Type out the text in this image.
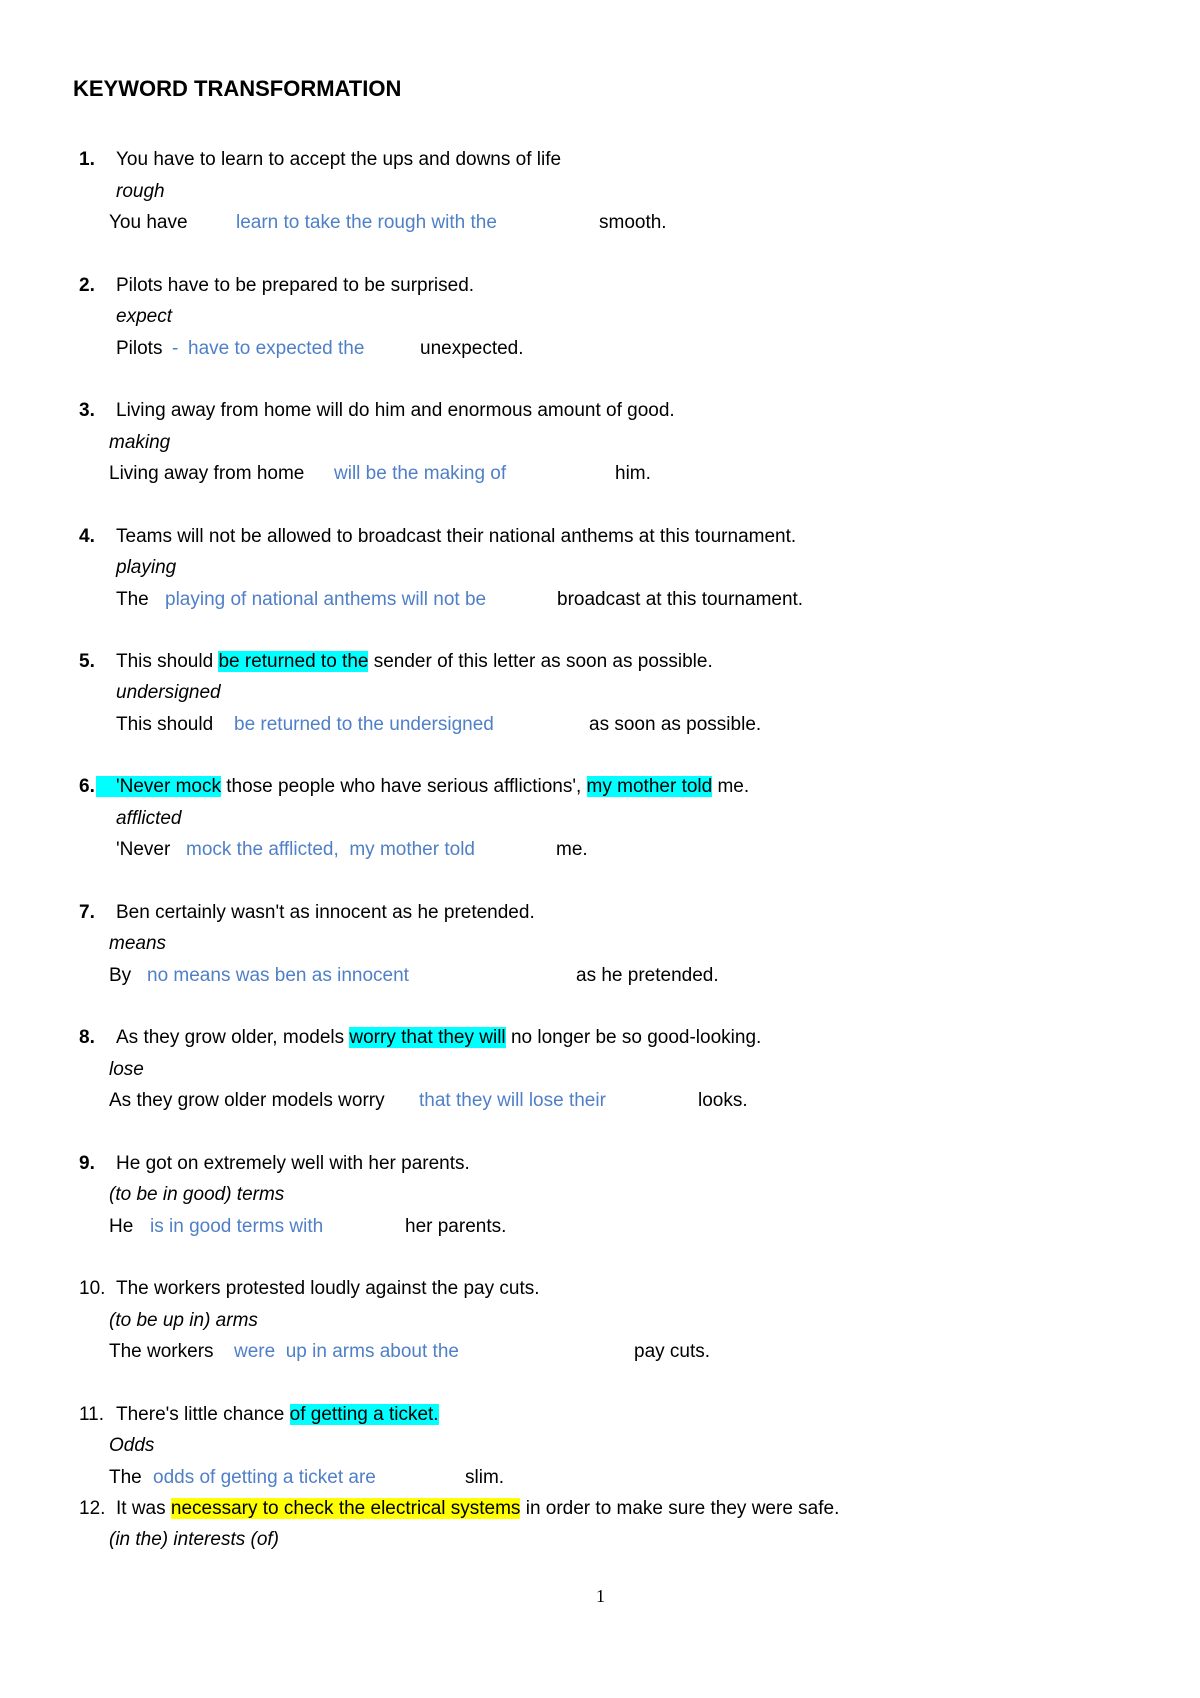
KEYWORD TRANSFORMATION
1. You have to learn to accept the ups and downs of life
rough
You have	learn to take the rough with the	smooth.
2. Pilots have to be prepared to be surprised.
expect
Pilots - have to expected the	unexpected.
3. Living away from home will do him and enormous amount of good.
making
Living away from home will be the making of	him.
4. Teams will not be allowed to broadcast their national anthems at this tournament.
playing
The playing of national anthems will not be	broadcast at this tournament.
5. This should be returned to the sender of this letter as soon as possible.
undersigned
This should be returned to the undersigned	as soon as possible.
6.	'Never mock those people who have serious afflictions', my mother told me.
afflicted
'Never mock the afflicted,  my mother told	me.
7. Ben certainly wasn't as innocent as he pretended.
means
By no means was ben as innocent	as he pretended.
8. As they grow older, models worry that they will no longer be so good-looking.
lose
As they grow older models worry that they will lose their	looks.
9. He got on extremely well with her parents.
(to be in good) terms
He is in good terms with	her parents.
10. The workers protested loudly against the pay cuts.
(to be up in) arms
The workers were  up in arms about the	pay cuts.
11. There's little chance of getting a ticket.
Odds
The odds of getting a ticket are	slim.
12. It was necessary to check the electrical systems in order to make sure they were safe.
(in the) interests (of)
1
